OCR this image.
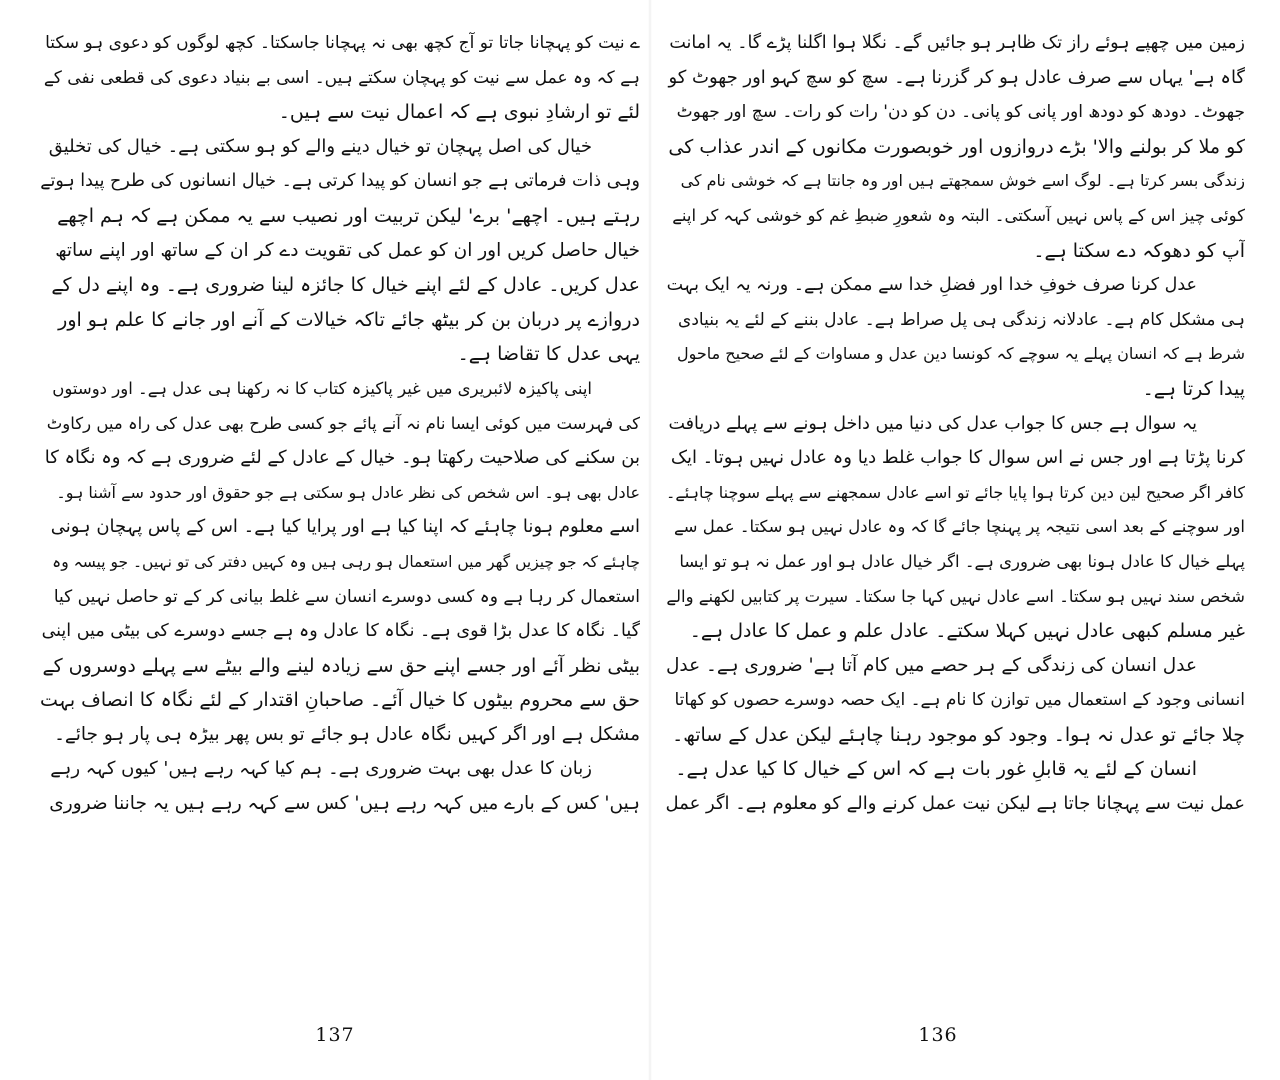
ے نیت کو پہچانا جاتا تو آج کچھ بھی نہ پہچانا جاسکتا۔ کچھ لوگوں کو دعوی ہو سکتا
ہے کہ وہ عمل سے نیت کو پہچان سکتے ہیں۔ اسی بے بنیاد دعوی کی قطعی نفی کے
لئے تو ارشادِ نبوی ہے کہ اعمال نیت سے ہیں۔
خیال کی اصل پہچان تو خیال دینے والے کو ہو سکتی ہے۔ خیال کی تخلیق
وہی ذات فرماتی ہے جو انسان کو پیدا کرتی ہے۔ خیال انسانوں کی طرح پیدا ہوتے
رہتے ہیں۔ اچھے' برے' لیکن تربیت اور نصیب سے یہ ممکن ہے کہ ہم اچھے
خیال حاصل کریں اور ان کو عمل کی تقویت دے کر ان کے ساتھ اور اپنے ساتھ
عدل کریں۔ عادل کے لئے اپنے خیال کا جائزہ لینا ضروری ہے۔ وہ اپنے دل کے
دروازے پر دربان بن کر بیٹھ جائے تاکہ خیالات کے آنے اور جانے کا علم ہو اور
یہی عدل کا تقاضا ہے۔
اپنی پاکیزہ لائبریری میں غیر پاکیزہ کتاب کا نہ رکھنا ہی عدل ہے۔ اور دوستوں
کی فہرست میں کوئی ایسا نام نہ آنے پائے جو کسی طرح بھی عدل کی راہ میں رکاوٹ
بن سکنے کی صلاحیت رکھتا ہو۔ خیال کے عادل کے لئے ضروری ہے کہ وہ نگاہ کا
عادل بھی ہو۔ اس شخص کی نظر عادل ہو سکتی ہے جو حقوق اور حدود سے آشنا ہو۔
اسے معلوم ہونا چاہئے کہ اپنا کیا ہے اور پرایا کیا ہے۔ اس کے پاس پہچان ہونی
چاہئے کہ جو چیزیں گھر میں استعمال ہو رہی ہیں وہ کہیں دفتر کی تو نہیں۔ جو پیسہ وہ
استعمال کر رہا ہے وہ کسی دوسرے انسان سے غلط بیانی کر کے تو حاصل نہیں کیا
گیا۔ نگاہ کا عدل بڑا قوی ہے۔ نگاہ کا عادل وہ ہے جسے دوسرے کی بیٹی میں اپنی
بیٹی نظر آئے اور جسے اپنے حق سے زیادہ لینے والے بیٹے سے پہلے دوسروں کے
حق سے محروم بیٹوں کا خیال آئے۔ صاحبانِ اقتدار کے لئے نگاہ کا انصاف بہت
مشکل ہے اور اگر کہیں نگاہ عادل ہو جائے تو بس پھر بیڑہ ہی پار ہو جائے۔
زبان کا عدل بھی بہت ضروری ہے۔ ہم کیا کہہ رہے ہیں' کیوں کہہ رہے
ہیں' کس کے بارے میں کہہ رہے ہیں' کس سے کہہ رہے ہیں یہ جاننا ضروری
زمین میں چھپے ہوئے راز تک ظاہر ہو جائیں گے۔ نگلا ہوا اگلنا پڑے گا۔ یہ امانت
گاہ ہے' یہاں سے صرف عادل ہو کر گزرنا ہے۔ سچ کو سچ کہو اور جھوٹ کو
جھوٹ۔ دودھ کو دودھ اور پانی کو پانی۔ دن کو دن' رات کو رات۔ سچ اور جھوٹ
کو ملا کر بولنے والا' بڑے دروازوں اور خوبصورت مکانوں کے اندر عذاب کی
زندگی بسر کرتا ہے۔ لوگ اسے خوش سمجھتے ہیں اور وہ جانتا ہے کہ خوشی نام کی
کوئی چیز اس کے پاس نہیں آسکتی۔ البتہ وہ شعورِ ضبطِ غم کو خوشی کہہ کر اپنے
آپ کو دھوکہ دے سکتا ہے۔
عدل کرنا صرف خوفِ خدا اور فضلِ خدا سے ممکن ہے۔ ورنہ یہ ایک بہت
ہی مشکل کام ہے۔ عادلانہ زندگی ہی پل صراط ہے۔ عادل بننے کے لئے یہ بنیادی
شرط ہے کہ انسان پہلے یہ سوچے کہ کونسا دین عدل و مساوات کے لئے صحیح ماحول
پیدا کرتا ہے۔
یہ سوال ہے جس کا جواب عدل کی دنیا میں داخل ہونے سے پہلے دریافت
کرنا پڑتا ہے اور جس نے اس سوال کا جواب غلط دیا وہ عادل نہیں ہوتا۔ ایک
کافر اگر صحیح لین دین کرتا ہوا پایا جائے تو اسے عادل سمجھنے سے پہلے سوچنا چاہئے۔
اور سوچنے کے بعد اسی نتیجہ پر پہنچا جائے گا کہ وہ عادل نہیں ہو سکتا۔ عمل سے
پہلے خیال کا عادل ہونا بھی ضروری ہے۔ اگر خیال عادل ہو اور عمل نہ ہو تو ایسا
شخص سند نہیں ہو سکتا۔ اسے عادل نہیں کہا جا سکتا۔ سیرت پر کتابیں لکھنے والے
غیر مسلم کبھی عادل نہیں کہلا سکتے۔ عادل علم و عمل کا عادل ہے۔
عدل انسان کی زندگی کے ہر حصے میں کام آتا ہے' ضروری ہے۔ عدل
انسانی وجود کے استعمال میں توازن کا نام ہے۔ ایک حصہ دوسرے حصوں کو کھاتا
چلا جائے تو عدل نہ ہوا۔ وجود کو موجود رہنا چاہئے لیکن عدل کے ساتھ۔
انسان کے لئے یہ قابلِ غور بات ہے کہ اس کے خیال کا کیا عدل ہے۔
عمل نیت سے پہچانا جاتا ہے لیکن نیت عمل کرنے والے کو معلوم ہے۔ اگر عمل
137	136
